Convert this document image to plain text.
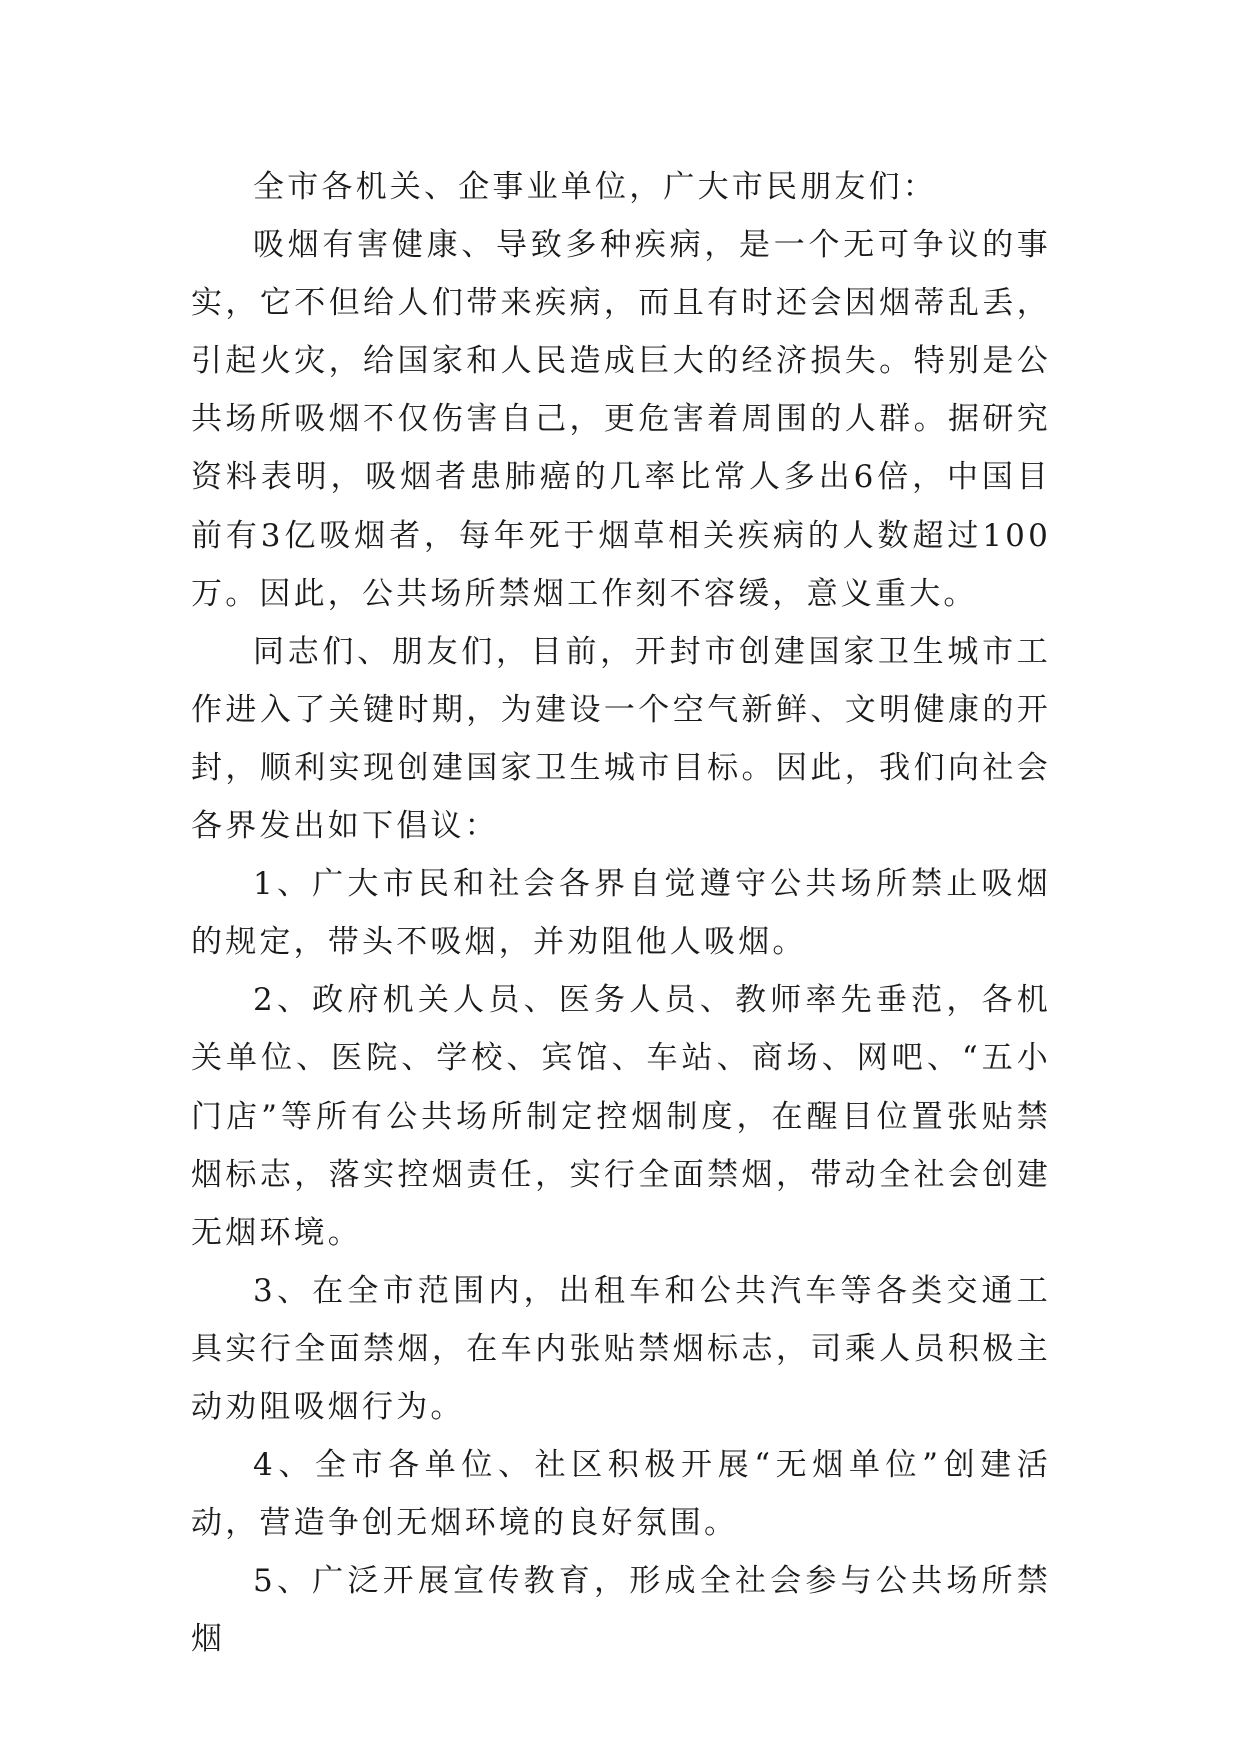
全市各机关、企事业单位，广大市民朋友们：

吸烟有害健康、导致多种疾病，是一个无可争议的事实，它不但给人们带来疾病，而且有时还会因烟蒂乱丢，引起火灾，给国家和人民造成巨大的经济损失。特别是公共场所吸烟不仅伤害自己，更危害着周围的人群。据研究资料表明，吸烟者患肺癌的几率比常人多出6倍，中国目前有3亿吸烟者，每年死于烟草相关疾病的人数超过100万。因此，公共场所禁烟工作刻不容缓，意义重大。

同志们、朋友们，目前，开封市创建国家卫生城市工作进入了关键时期，为建设一个空气新鲜、文明健康的开封，顺利实现创建国家卫生城市目标。因此，我们向社会各界发出如下倡议：

1、广大市民和社会各界自觉遵守公共场所禁止吸烟的规定，带头不吸烟，并劝阻他人吸烟。

2、政府机关人员、医务人员、教师率先垂范，各机关单位、医院、学校、宾馆、车站、商场、网吧、“五小门店”等所有公共场所制定控烟制度，在醒目位置张贴禁烟标志，落实控烟责任，实行全面禁烟，带动全社会创建无烟环境。

3、在全市范围内，出租车和公共汽车等各类交通工具实行全面禁烟，在车内张贴禁烟标志，司乘人员积极主动劝阻吸烟行为。

4、全市各单位、社区积极开展“无烟单位”创建活动，营造争创无烟环境的良好氛围。

5、广泛开展宣传教育，形成全社会参与公共场所禁烟
